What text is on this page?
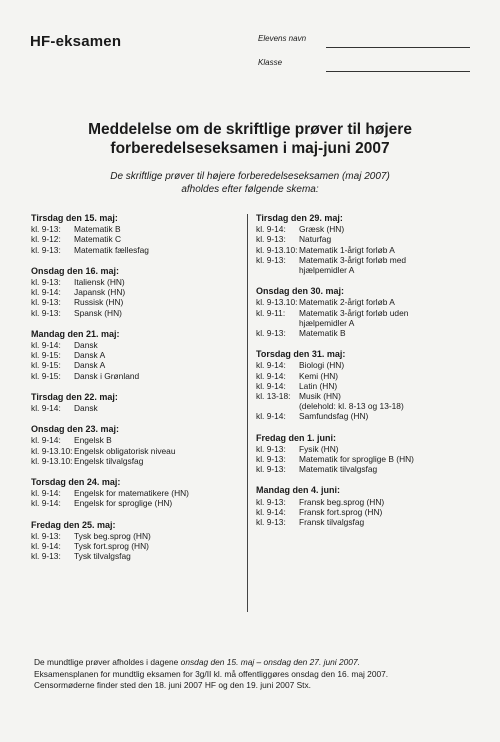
HF-eksamen	Elevens navn
Klasse
Meddelelse om de skriftlige prøver til højere
forberedelseseksamen i maj-juni 2007
De skriftlige prøver til højere forberedelseseksamen (maj 2007)
afholdes efter følgende skema:
Tirsdag den 15. maj:
kl. 9-13:	Matematik B
kl. 9-12:	Matematik C
kl. 9-13:	Matematik fællesfag
Onsdag den 16. maj:
kl. 9-13:	Italiensk (HN)
kl. 9-14:	Japansk (HN)
kl. 9-13:	Russisk (HN)
kl. 9-13:	Spansk (HN)
Mandag den 21. maj:
kl. 9-14:	Dansk
kl. 9-15:	Dansk A
kl. 9-15:	Dansk A
kl. 9-15:	Dansk i Grønland
Tirsdag den 22. maj:
kl. 9-14:	Dansk
Onsdag den 23. maj:
kl. 9-14:	Engelsk B
kl. 9-13.10: Engelsk obligatorisk niveau
kl. 9-13.10: Engelsk tilvalgsfag
Torsdag den 24. maj:
kl. 9-14:	Engelsk for matematikere (HN)
kl. 9-14:	Engelsk for sproglige (HN)
Fredag den 25. maj:
kl. 9-13:	Tysk beg.sprog (HN)
kl. 9-14:	Tysk fort.sprog (HN)
kl. 9-13:	Tysk tilvalgsfag
Tirsdag den 29. maj:
kl. 9-14:	Græsk (HN)
kl. 9-13:	Naturfag
kl. 9-13.10: Matematik 1-årigt forløb A
kl. 9-13:	Matematik 3-årigt forløb med
hjælpemidler A
Onsdag den 30. maj:
kl. 9-13.10: Matematik 2-årigt forløb A
kl. 9-11:	Matematik 3-årigt forløb uden
hjælpemidler A
kl. 9-13:	Matematik B
Torsdag den 31. maj:
kl. 9-14:	Biologi (HN)
kl. 9-14:	Kemi (HN)
kl. 9-14:	Latin (HN)
kl. 13-18:	Musik (HN)
(delehold: kl. 8-13 og 13-18)
kl. 9-14:	Samfundsfag (HN)
Fredag den 1. juni:
kl. 9-13:	Fysik (HN)
kl. 9-13:	Matematik for sproglige B (HN)
kl. 9-13:	Matematik tilvalgsfag
Mandag den 4. juni:
kl. 9-13:	Fransk beg.sprog (HN)
kl. 9-14:	Fransk fort.sprog (HN)
kl. 9-13:	Fransk tilvalgsfag
De mundtlige prøver afholdes i dagene onsdag den 15. maj – onsdag den 27. juni 2007.
Eksamensplanen for mundtlig eksamen for 3g/II kl. må offentliggøres onsdag den 16. maj 2007.
Censormøderne finder sted den 18. juni 2007 HF og den 19. juni 2007 Stx.
